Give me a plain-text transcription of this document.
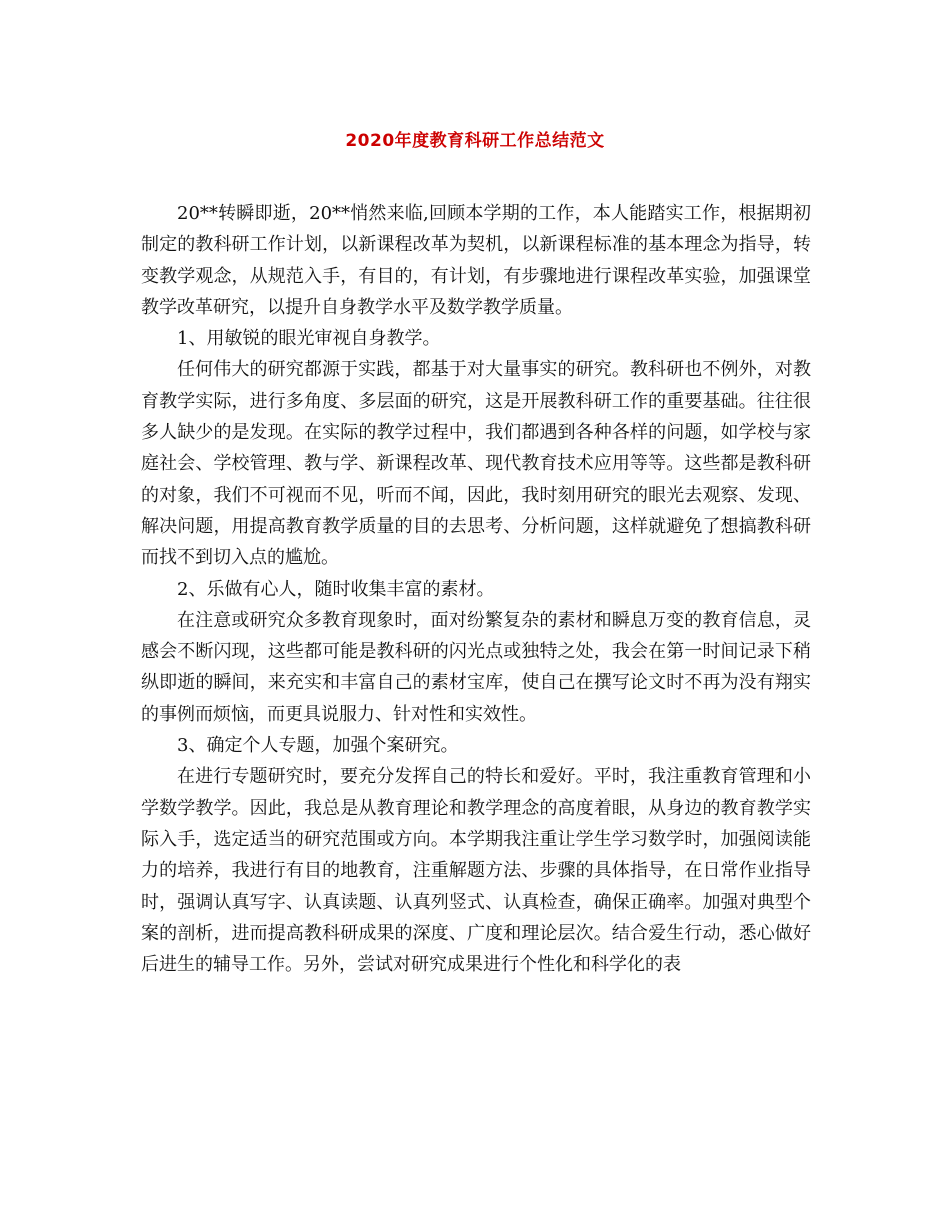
2020年度教育科研工作总结范文

20**转瞬即逝，20**悄然来临,回顾本学期的工作，本人能踏实工作，根据期初制定的教科研工作计划，以新课程改革为契机，以新课程标准的基本理念为指导，转变教学观念，从规范入手，有目的，有计划，有步骤地进行课程改革实验，加强课堂教学改革研究，以提升自身教学水平及数学教学质量。

1、用敏锐的眼光审视自身教学。

任何伟大的研究都源于实践，都基于对大量事实的研究。教科研也不例外，对教育教学实际，进行多角度、多层面的研究，这是开展教科研工作的重要基础。往往很多人缺少的是发现。在实际的教学过程中，我们都遇到各种各样的问题，如学校与家庭社会、学校管理、教与学、新课程改革、现代教育技术应用等等。这些都是教科研的对象，我们不可视而不见，听而不闻，因此，我时刻用研究的眼光去观察、发现、解决问题，用提高教育教学质量的目的去思考、分析问题，这样就避免了想搞教科研而找不到切入点的尴尬。

2、乐做有心人，随时收集丰富的素材。

在注意或研究众多教育现象时，面对纷繁复杂的素材和瞬息万变的教育信息，灵感会不断闪现，这些都可能是教科研的闪光点或独特之处，我会在第一时间记录下稍纵即逝的瞬间，来充实和丰富自己的素材宝库，使自己在撰写论文时不再为没有翔实的事例而烦恼，而更具说服力、针对性和实效性。

3、确定个人专题，加强个案研究。

在进行专题研究时，要充分发挥自己的特长和爱好。平时，我注重教育管理和小学数学教学。因此，我总是从教育理论和教学理念的高度着眼，从身边的教育教学实际入手，选定适当的研究范围或方向。本学期我注重让学生学习数学时，加强阅读能力的培养，我进行有目的地教育，注重解题方法、步骤的具体指导，在日常作业指导时，强调认真写字、认真读题、认真列竖式、认真检查，确保正确率。加强对典型个案的剖析，进而提高教科研成果的深度、广度和理论层次。结合爱生行动，悉心做好后进生的辅导工作。另外，尝试对研究成果进行个性化和科学化的表
